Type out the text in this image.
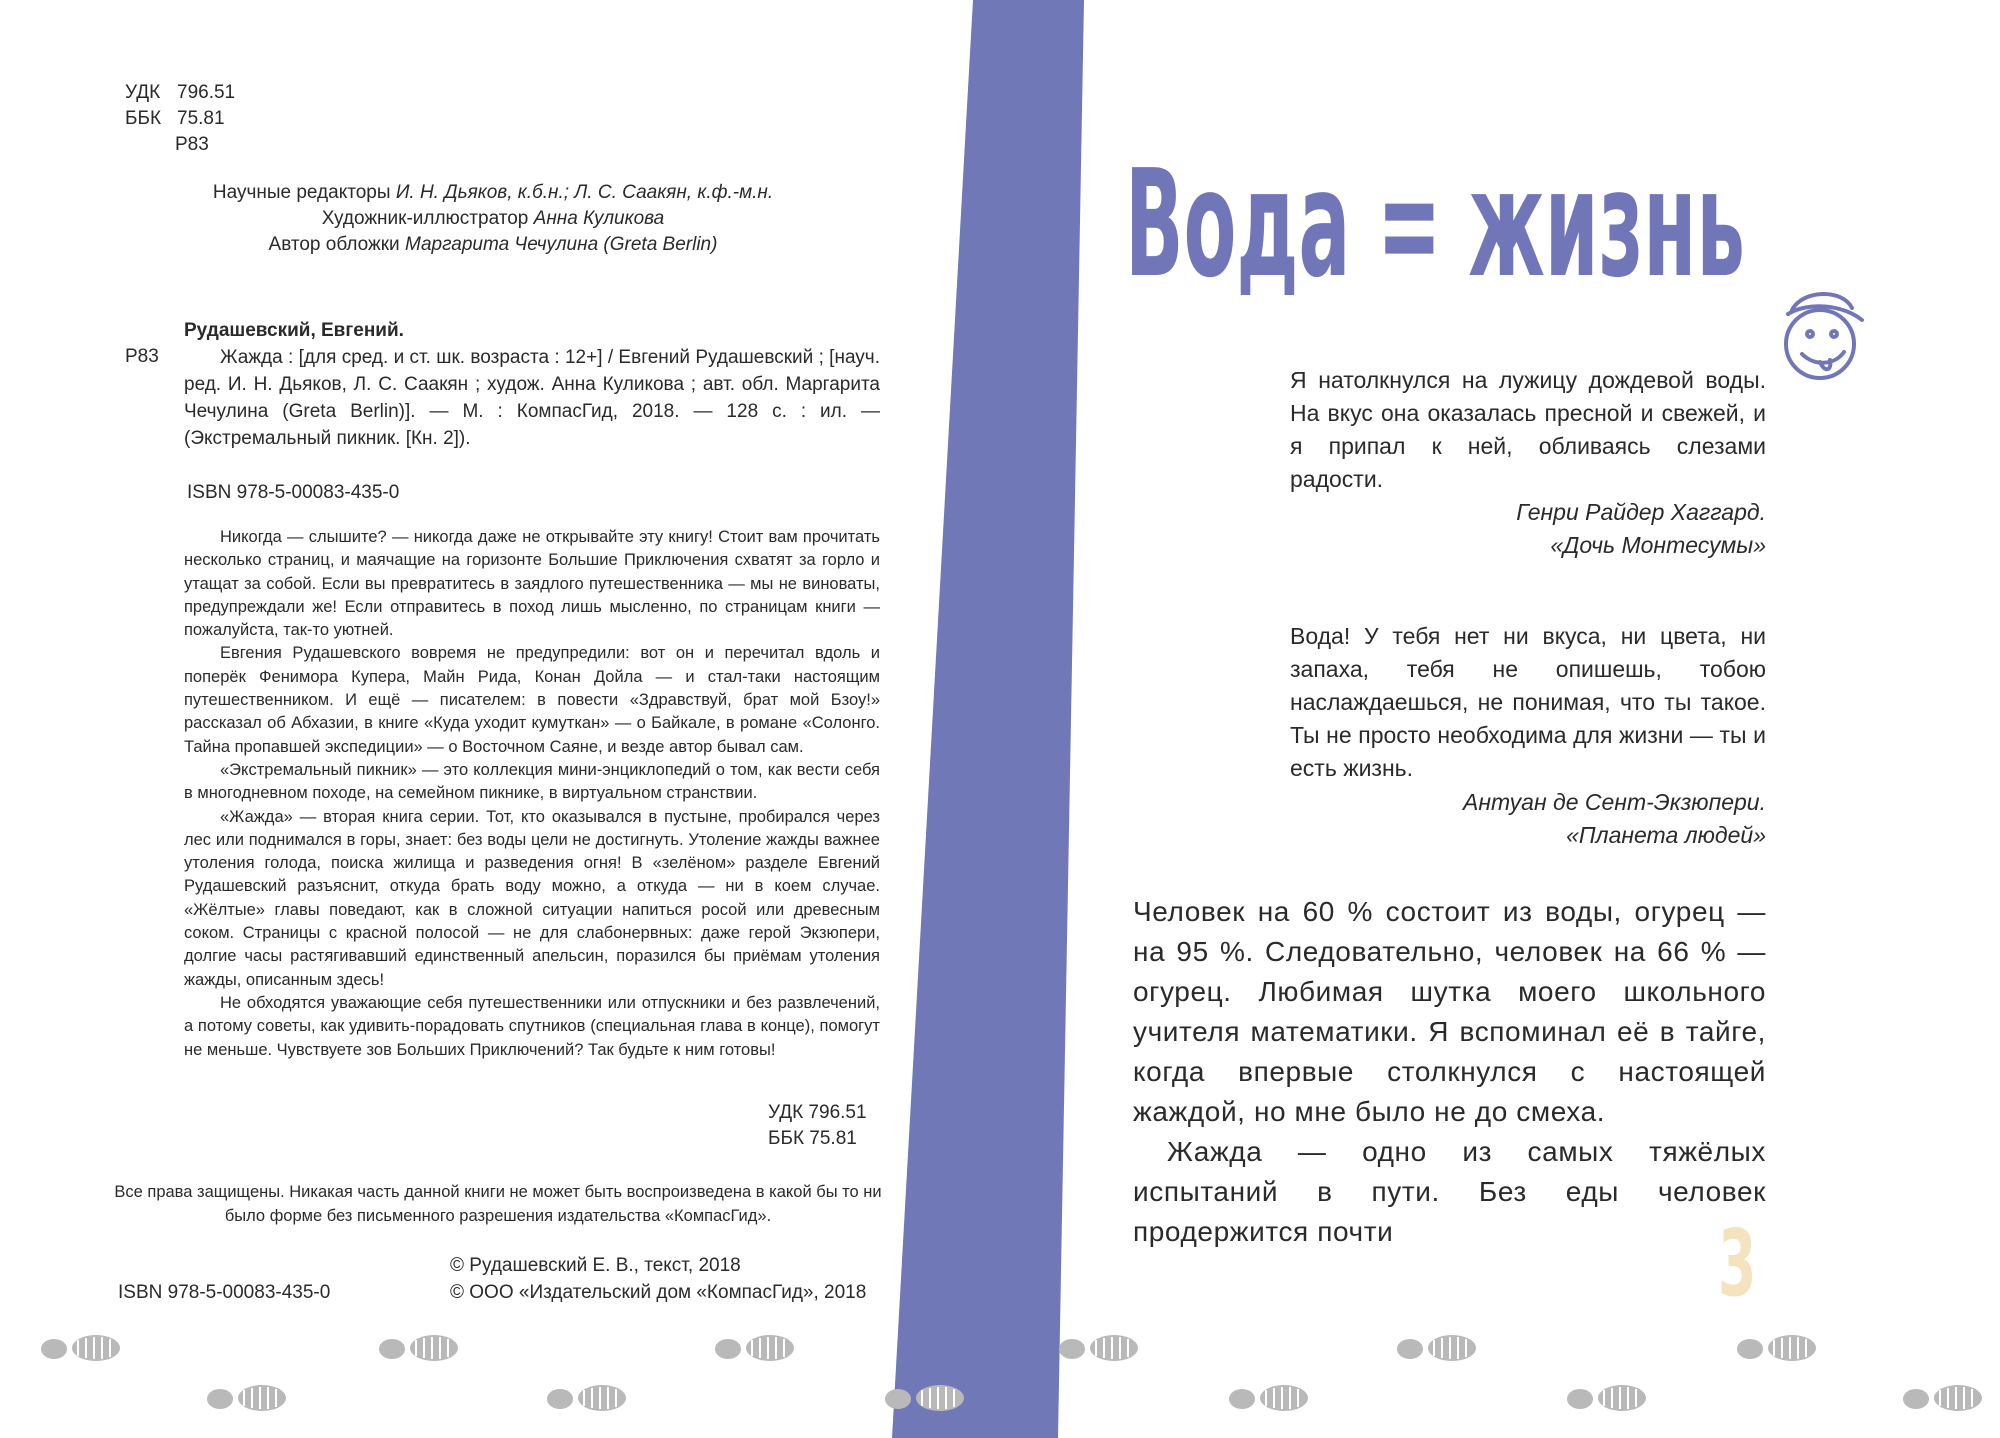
УДК 796.51
ББК 75.81
Р83
Научные редакторы И. Н. Дьяков, к.б.н.; Л. С. Саакян, к.ф.-м.н.
Художник-иллюстратор Анна Куликова
Автор обложки Маргарита Чечулина (Greta Berlin)
Рудашевский, Евгений.
Р83	Жажда : [для сред. и ст. шк. возраста : 12+] / Евгений Рудашевский ; [науч. ред. И. Н. Дьяков, Л. С. Саакян ; худож. Анна Куликова ; авт. обл. Маргарита Чечулина (Greta Berlin)]. — М. : КомпасГид, 2018. — 128 с. : ил. — (Экстремальный пикник. [Кн. 2]).
ISBN 978-5-00083-435-0

Никогда — слышите? — никогда даже не открывайте эту книгу! Стоит вам прочитать несколько страниц, и маячащие на горизонте Большие Приключения схватят за горло и утащат за собой. Если вы превратитесь в заядлого путешественника — мы не виноваты, предупреждали же! Если отправитесь в поход лишь мысленно, по страницам книги — пожалуйста, так-то уютней.

Евгения Рудашевского вовремя не предупредили: вот он и перечитал вдоль и поперёк Фенимора Купера, Майн Рида, Конан Дойла — и стал-таки настоящим путешественником. И ещё — писателем: в повести «Здравствуй, брат мой Бзоу!» рассказал об Абхазии, в книге «Куда уходит кумуткан» — о Байкале, в романе «Солонго. Тайна пропавшей экспедиции» — о Восточном Саяне, и везде автор бывал сам.

«Экстремальный пикник» — это коллекция мини-энциклопедий о том, как вести себя в многодневном походе, на семейном пикнике, в виртуальном странствии.

«Жажда» — вторая книга серии. Тот, кто оказывался в пустыне, пробирался через лес или поднимался в горы, знает: без воды цели не достигнуть. Утоление жажды важнее утоления голода, поиска жилища и разведения огня! В «зелёном» разделе Евгений Рудашевский разъяснит, откуда брать воду можно, а откуда — ни в коем случае. «Жёлтые» главы поведают, как в сложной ситуации напиться росой или древесным соком. Страницы с красной полосой — не для слабонервных: даже герой Экзюпери, долгие часы растягивавший единственный апельсин, поразился бы приёмам утоления жажды, описанным здесь!

Не обходятся уважающие себя путешественники или отпускники и без развлечений, а потому советы, как удивить-порадовать спутников (специальная глава в конце), помогут не меньше. Чувствуете зов Больших Приключений? Так будьте к ним готовы!

УДК 796.51
ББК 75.81
Все права защищены. Никакая часть данной книги не может быть воспроизведена в какой бы то ни было форме без письменного разрешения издательства «КомпасГид».
ISBN 978-5-00083-435-0
© Рудашевский Е. В., текст, 2018
© ООО «Издательский дом «КомпасГид», 2018
Вода = жизнь
Я натолкнулся на лужицу дождевой воды. На вкус она оказалась пресной и свежей, и я припал к ней, обливаясь слезами радости.
Генри Райдер Хаггард.
«Дочь Монтесумы»
Вода! У тебя нет ни вкуса, ни цвета, ни запаха, тебя не опишешь, тобою наслаждаешься, не понимая, что ты такое. Ты не просто необходима для жизни — ты и есть жизнь.
Антуан де Сент-Экзюпери.
«Планета людей»

Человек на 60 % состоит из воды, огурец — на 95 %. Следовательно, человек на 66 % — огурец. Любимая шутка моего школьного учителя математики. Я вспоминал её в тайге, когда впервые столкнулся с настоящей жаждой, но мне было не до смеха.

Жажда — одно из самых тяжёлых испытаний в пути. Без еды человек продержится почти	3
